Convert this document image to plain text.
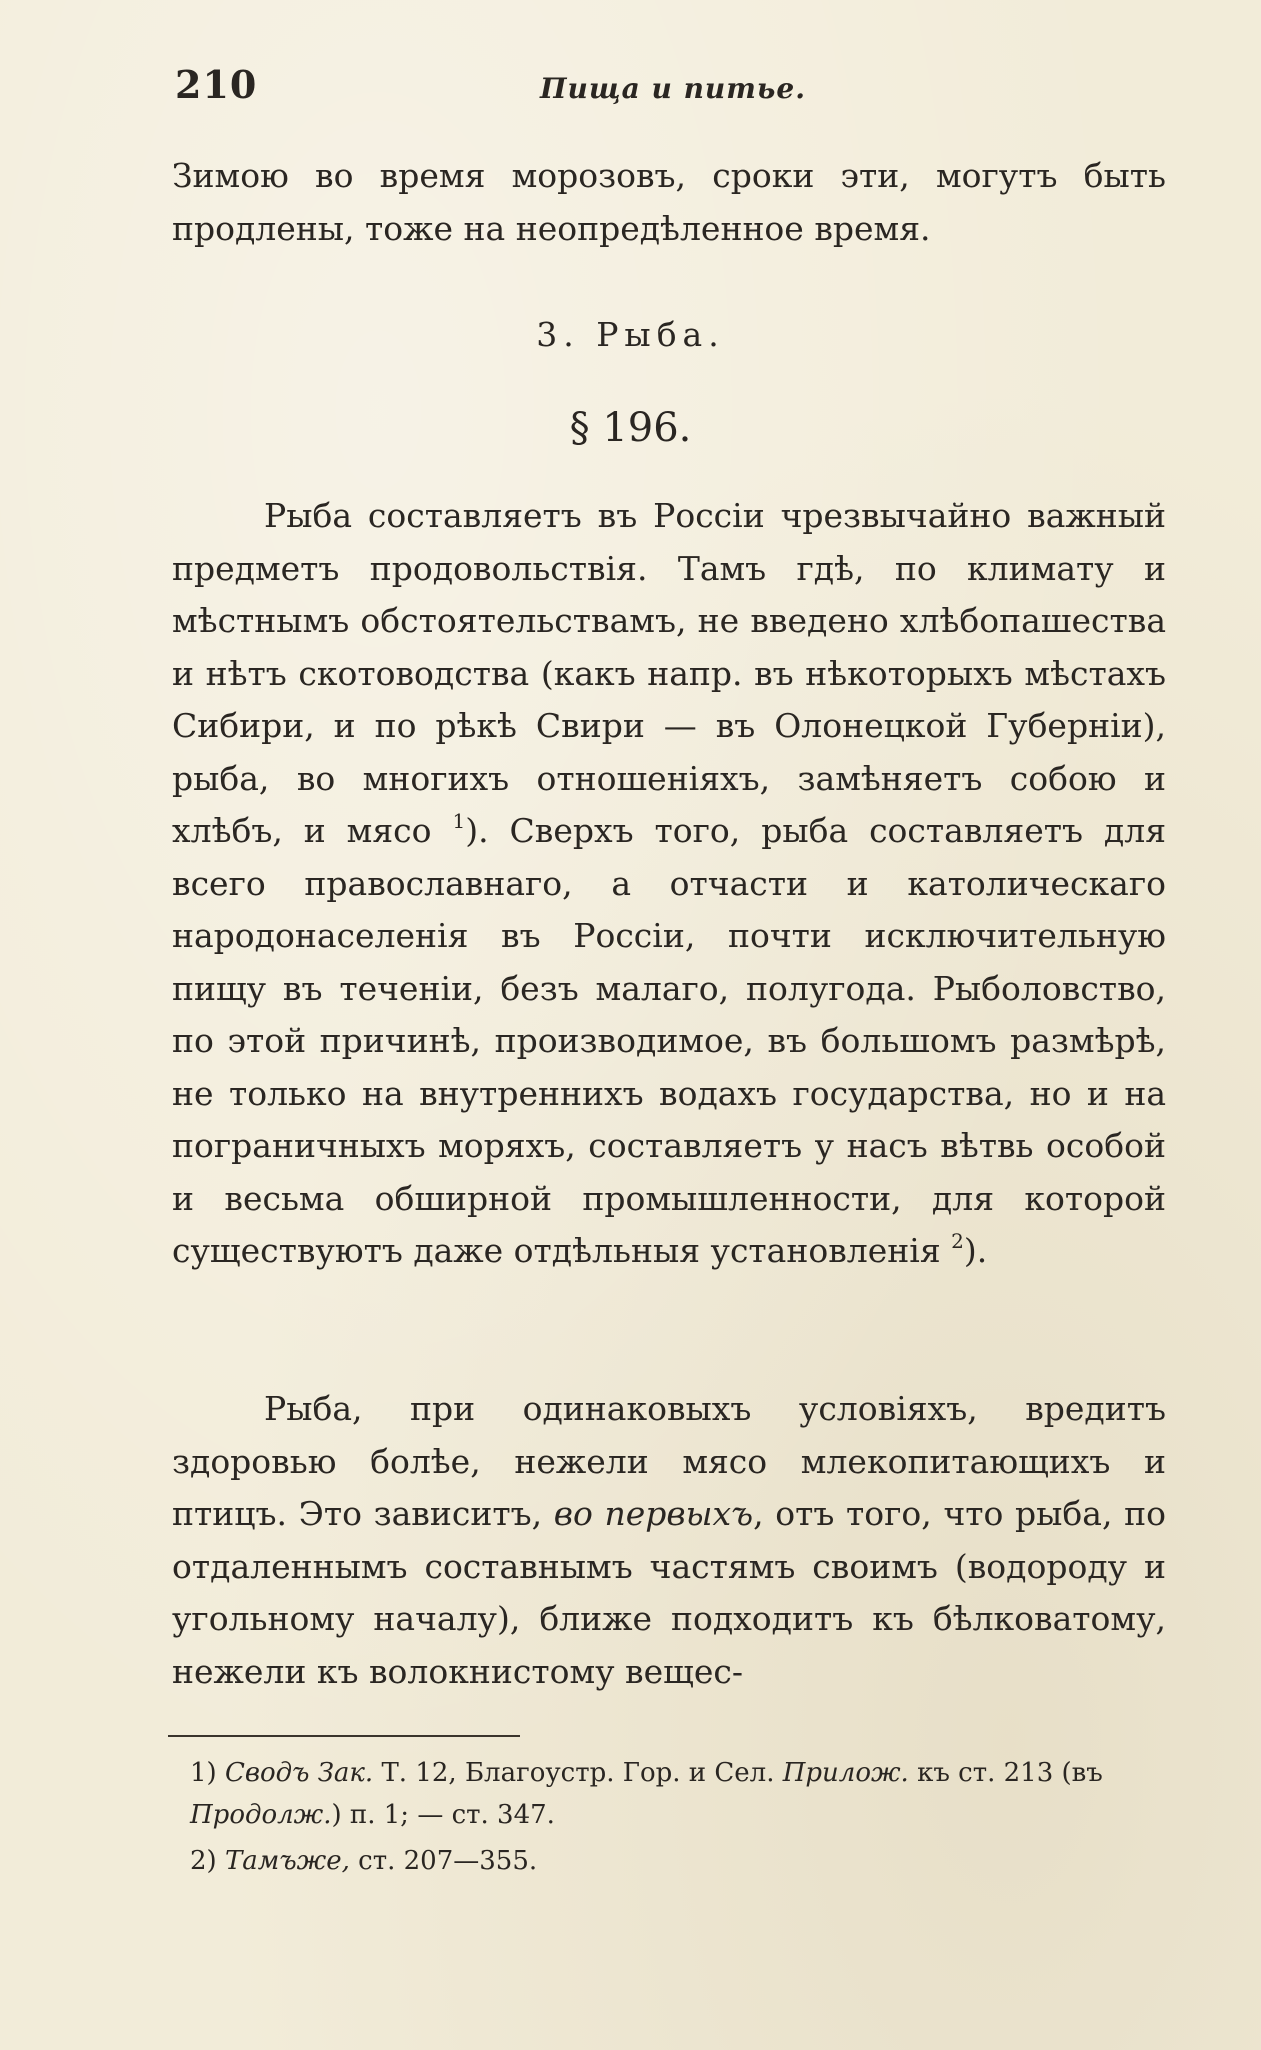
210	Пища и питье.

Зимою во время морозовъ, сроки эти, могутъ быть продлены, тоже на неопредѣленное время.

3. Рыба.
§ 196.

Рыба составляетъ въ Россіи чрезвычайно важный предметъ продовольствія. Тамъ гдѣ, по климату и мѣстнымъ обстоятельствамъ, не введено хлѣбопашества и нѣтъ скотоводства (какъ напр. въ нѣкоторыхъ мѣстахъ Сибири, и по рѣкѣ Свири — въ Олонецкой Губерніи), рыба, во многихъ отношеніяхъ, замѣняетъ собою и хлѣбъ, и мясо $^1$). Сверхъ того, рыба составляетъ для всего православнаго, а отчасти и католическаго народонаселенія въ Россіи, почти исключительную пищу въ теченіи, безъ малаго, полугода. Рыболовство, по этой причинѣ, производимое, въ большомъ размѣрѣ, не только на внутреннихъ водахъ государства, но и на пограничныхъ моряхъ, составляетъ у насъ вѣтвь особой и весьма обширной промышленности, для которой существуютъ даже отдѣльныя установленія $^2$).

Рыба, при одинаковыхъ условіяхъ, вредитъ здоровью болѣе, нежели мясо млекопитающихъ и птицъ. Это зависитъ, во первыхъ, отъ того, что рыба, по отдаленнымъ составнымъ частямъ своимъ (водороду и угольному началу), ближе подходитъ къ бѣлковатому, нежели къ волокнистому вещес-

1) Сводъ Зак. Т. 12, Благоустр. Гор. и Сел. Прилож. къ ст. 213 (въ Продолж.) п. 1; — ст. 347.

2) Тамъже, ст. 207—355.
